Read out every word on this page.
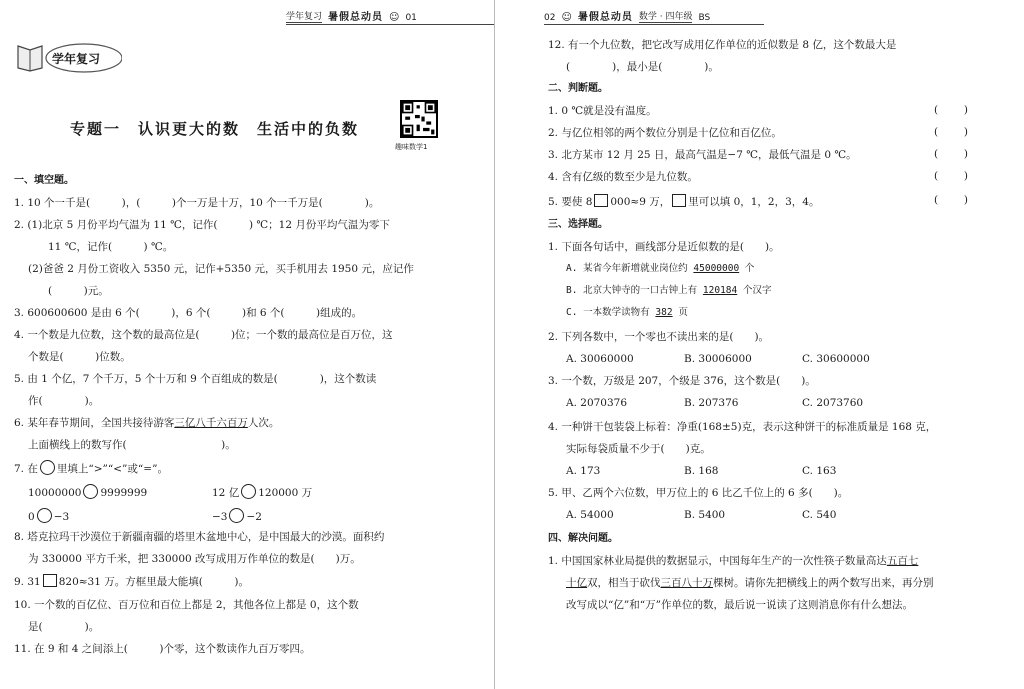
学年复习 暑假总动员 ☺ 01
学年复习
专题一　认识更大的数　生活中的负数
趣味数学1
一、填空题。
1. 10 个一千是(　　　)，(　　　)个一万是十万，10 个一千万是(　　　　)。
2. (1)北京 5 月份平均气温为 11 ℃，记作(　　　) ℃；12 月份平均气温为零下
11 ℃，记作(　　　) ℃。
(2)爸爸 2 月份工资收入 5350 元，记作+5350 元，买手机用去 1950 元，应记作
(　　　)元。
3. 600600600 是由 6 个(　　　)，6 个(　　　)和 6 个(　　　)组成的。
4. 一个数是九位数，这个数的最高位是(　　　)位；一个数的最高位是百万位，这
个数是(　　　)位数。
5. 由 1 个亿，7 个千万，5 个十万和 9 个百组成的数是(　　　　)，这个数读
作(　　　　)。
6. 某年春节期间，全国共接待游客三亿八千六百万人次。
上面横线上的数写作(　　　　　　　　　)。
7. 在 里填上“>”“<”或“=”。
10000000 9999999	12 亿 120000 万
0 −3	−3 −2
8. 塔克拉玛干沙漠位于新疆南疆的塔里木盆地中心，是中国最大的沙漠。面积约
为 330000 平方千米，把 330000 改写成用万作单位的数是(　　)万。
9. 31 820≈31 万。方框里最大能填(　　　)。
10. 一个数的百亿位、百万位和百位上都是 2，其他各位上都是 0，这个数
是(　　　　)。
11. 在 9 和 4 之间添上(　　　)个零，这个数读作九百万零四。
02 ☺ 暑假总动员 数学 · 四年级 BS
12. 有一个九位数，把它改写成用亿作单位的近似数是 8 亿，这个数最大是
(　　　　)，最小是(　　　　)。
二、判断题。
1. 0 ℃就是没有温度。	( )
2. 与亿位相邻的两个数位分别是十亿位和百亿位。	( )
3. 北方某市 12 月 25 日，最高气温是−7 ℃，最低气温是 0 ℃。	( )
4. 含有亿级的数至少是九位数。	( )
5. 要使 8 000≈9 万， 里可以填 0，1，2，3，4。	( )
三、选择题。
1. 下面各句话中，画线部分是近似数的是(　　)。
A. 某省今年新增就业岗位约 45000000 个
B. 北京大钟寺的一口古钟上有 120184 个汉字
C. 一本数学读物有 382 页
2. 下列各数中，一个零也不读出来的是(　　)。
A. 30060000	B. 30006000	C. 30600000
3. 一个数，万级是 207，个级是 376，这个数是(　　)。
A. 2070376	B. 207376	C. 2073760
4. 一种饼干包装袋上标着：净重(168±5)克，表示这种饼干的标准质量是 168 克，
实际每袋质量不少于(　　)克。
A. 173	B. 168	C. 163
5. 甲、乙两个六位数，甲万位上的 6 比乙千位上的 6 多(　　)。
A. 54000	B. 5400	C. 540
四、解决问题。
1. 中国国家林业局提供的数据显示，中国每年生产的一次性筷子数量高达五百七
十亿双，相当于砍伐三百八十万棵树。请你先把横线上的两个数写出来，再分别
改写成以“亿”和“万”作单位的数，最后说一说读了这则消息你有什么想法。
